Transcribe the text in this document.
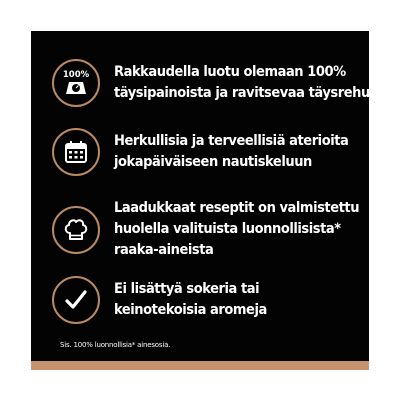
100% Rakkaudella luotu olemaan 100%
täysipainoista ja ravitsevaa täysrehua
Herkullisia ja terveellisiä aterioita
jokapäiväiseen nautiskeluun
Laadukkaat reseptit on valmistettu
huolella valituista luonnollisista*
raaka-aineista
Ei lisättyä sokeria tai
keinotekoisia aromeja
Sis. 100% luonnollisia* ainesosia.
